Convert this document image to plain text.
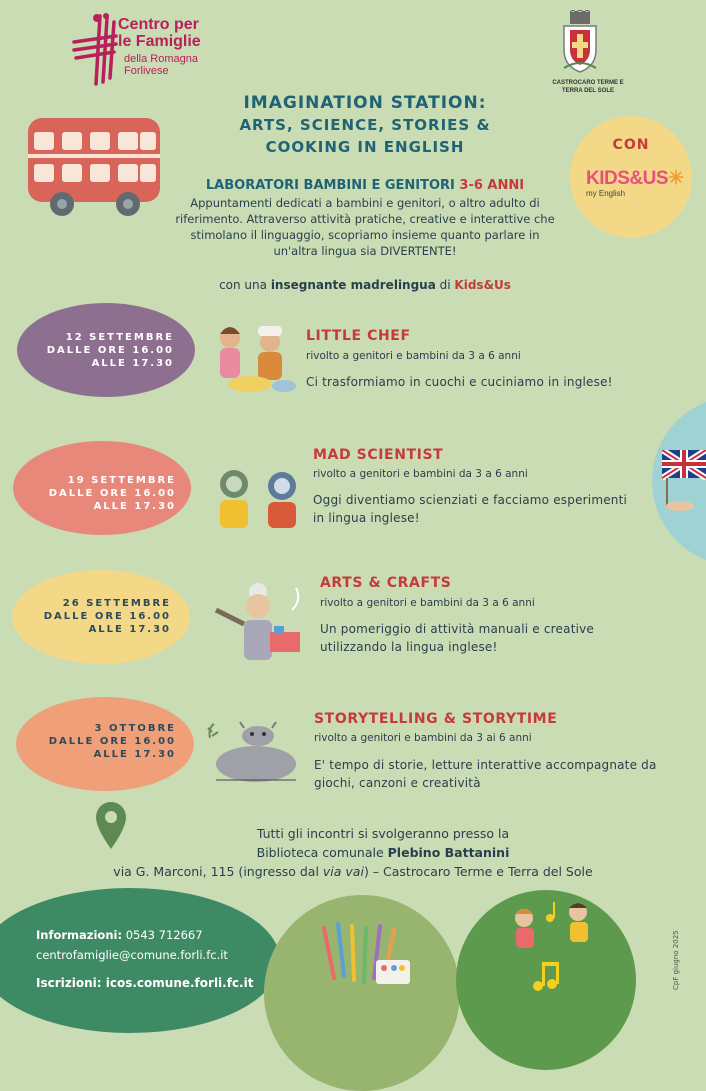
Centro per
le Famiglie
della Romagna
Forlivese
CASTROCARO TERME E
TERRA DEL SOLE
IMAGINATION STATION:
ARTS, SCIENCE, STORIES &
COOKING IN ENGLISH
LABORATORI BAMBINI E GENITORI 3-6 ANNI
Appuntamenti dedicati a bambini e genitori, o altro adulto di
riferimento. Attraverso attività pratiche, creative e interattive che
stimolano il linguaggio, scopriamo insieme quanto parlare in
un'altra lingua sia DIVERTENTE!
con una insegnante madrelingua di Kids&Us
CON
KIDS&US✳
my English
12 SETTEMBRE
DALLE ORE 16.00
ALLE 17.30
LITTLE CHEF
rivolto a genitori e bambini da 3 a 6 anni
Ci trasformiamo in cuochi e cuciniamo in inglese!
19 SETTEMBRE
DALLE ORE 16.00
ALLE 17.30
MAD SCIENTIST
rivolto a genitori e bambini da 3 a 6 anni
Oggi diventiamo scienziati e facciamo esperimenti
in lingua inglese!
26 SETTEMBRE
DALLE ORE 16.00
ALLE 17.30
ARTS & CRAFTS
rivolto a genitori e bambini da 3 a 6 anni
Un pomeriggio di attività manuali e creative
utilizzando la lingua inglese!
3 OTTOBRE
DALLE ORE 16.00
ALLE 17.30
STORYTELLING & STORYTIME
rivolto a genitori e bambini da 3 ai 6 anni
E' tempo di storie, letture interattive accompagnate da
giochi, canzoni e creatività
Tutti gli incontri si svolgeranno presso la
Biblioteca comunale Plebino Battanini
via G. Marconi, 115 (ingresso dal via vai) – Castrocaro Terme e Terra del Sole
Informazioni: 0543 712667
centrofamiglie@comune.forli.fc.it
Iscrizioni: icos.comune.forli.fc.it	CpF giugno 2025
